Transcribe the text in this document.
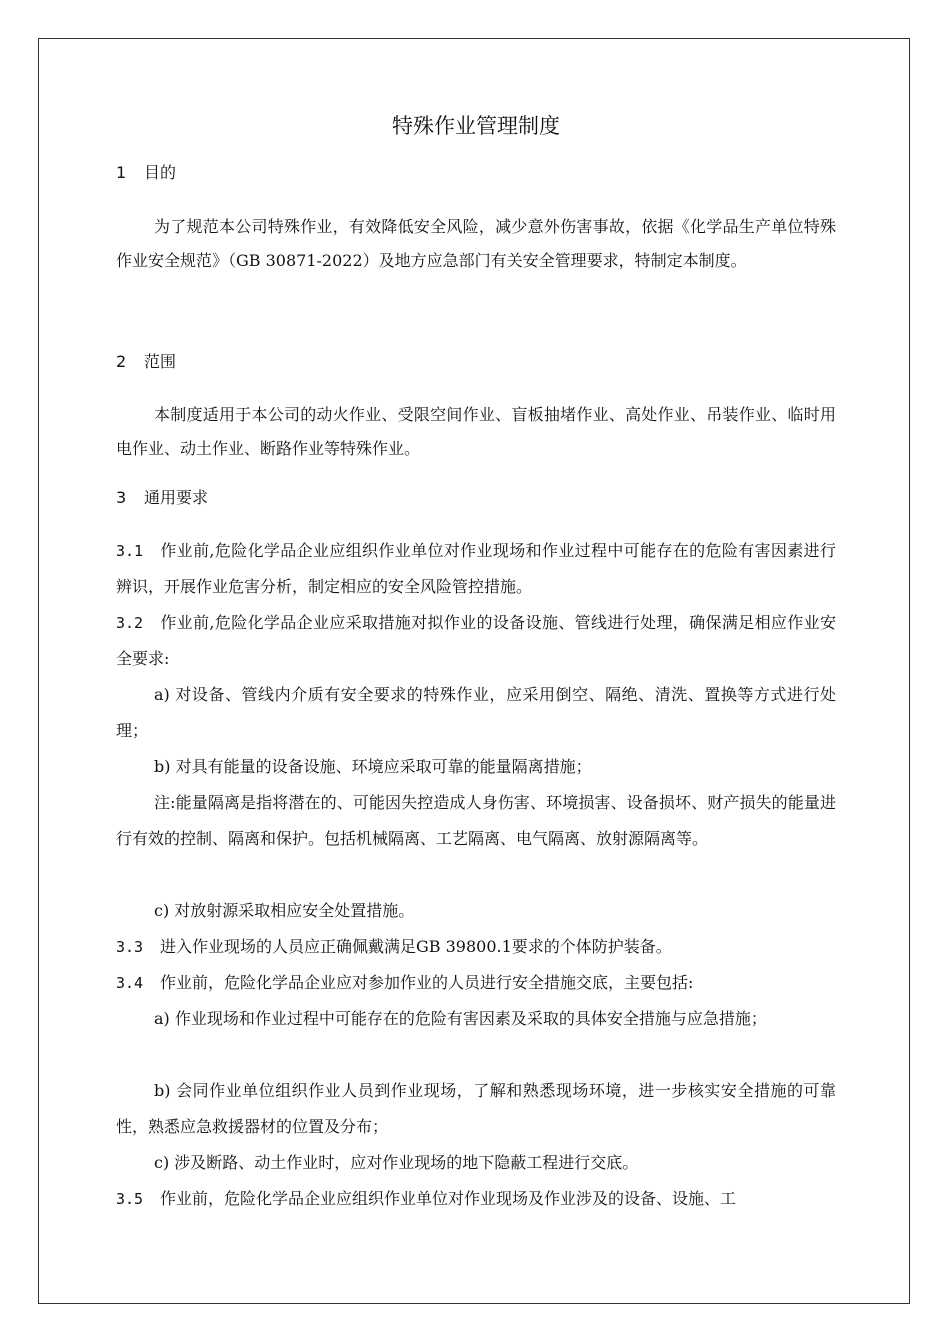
特殊作业管理制度
1 目的
为了规范本公司特殊作业，有效降低安全风险，减少意外伤害事故，依据《化学品生产单位特殊作业安全规范》（GB 30871-2022）及地方应急部门有关安全管理要求，特制定本制度。
2 范围
本制度适用于本公司的动火作业、受限空间作业、盲板抽堵作业、高处作业、吊装作业、临时用电作业、动土作业、断路作业等特殊作业。
3 通用要求
3.1 作业前,危险化学品企业应组织作业单位对作业现场和作业过程中可能存在的危险有害因素进行辨识，开展作业危害分析，制定相应的安全风险管控措施。
3.2 作业前,危险化学品企业应采取措施对拟作业的设备设施、管线进行处理，确保满足相应作业安全要求:
a) 对设备、管线内介质有安全要求的特殊作业，应采用倒空、隔绝、清洗、置换等方式进行处理；
b) 对具有能量的设备设施、环境应采取可靠的能量隔离措施；
注:能量隔离是指将潜在的、可能因失控造成人身伤害、环境损害、设备损坏、财产损失的能量进行有效的控制、隔离和保护。包括机械隔离、工艺隔离、电气隔离、放射源隔离等。
c) 对放射源采取相应安全处置措施。
3.3 进入作业现场的人员应正确佩戴满足GB 39800.1要求的个体防护装备。
3.4 作业前，危险化学品企业应对参加作业的人员进行安全措施交底，主要包括:
a) 作业现场和作业过程中可能存在的危险有害因素及采取的具体安全措施与应急措施；
b) 会同作业单位组织作业人员到作业现场，了解和熟悉现场环境，进一步核实安全措施的可靠性，熟悉应急救援器材的位置及分布；
c) 涉及断路、动土作业时，应对作业现场的地下隐蔽工程进行交底。
3.5 作业前，危险化学品企业应组织作业单位对作业现场及作业涉及的设备、设施、工
